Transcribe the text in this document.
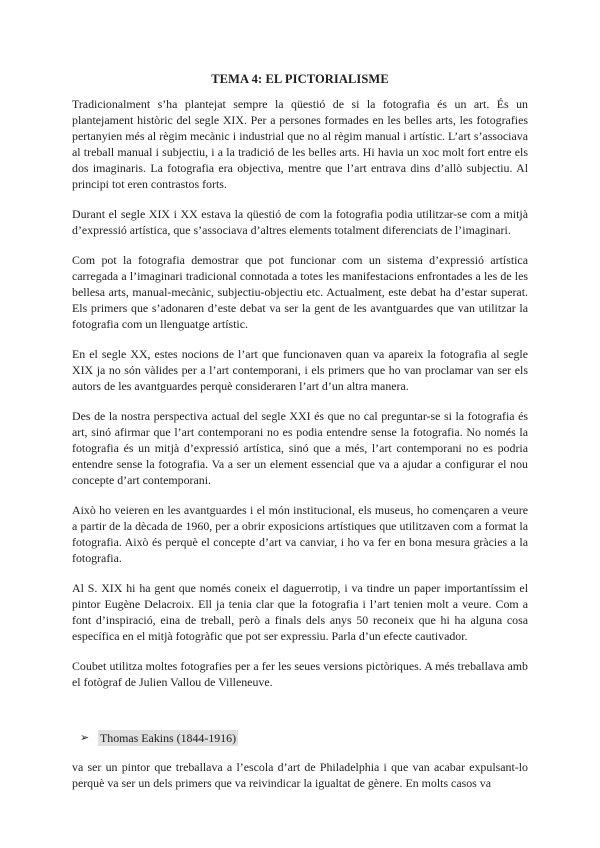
TEMA 4: EL PICTORIALISME

Tradicionalment s’ha plantejat sempre la qüestió de si la fotografia és un art. És un plantejament històric del segle XIX. Per a persones formades en les belles arts, les fotografies pertanyien més al règim mecànic i industrial que no al règim manual i artístic. L’art s’associava al treball manual i subjectiu, i a la tradició de les belles arts. Hi havia un xoc molt fort entre els dos imaginaris. La fotografia era objectiva, mentre que l’art entrava dins d’allò subjectiu. Al principi tot eren contrastos forts.

Durant el segle XIX i XX estava la qüestió de com la fotografia podia utilitzar-se com a mitjà d’expressió artística, que s’associava d’altres elements totalment diferenciats de l’imaginari.

Com pot la fotografia demostrar que pot funcionar com un sistema d’expressió artística carregada a l’imaginari tradicional connotada a totes les manifestacions enfrontades a les de les bellesa arts, manual-mecànic, subjectiu-objectiu etc. Actualment, este debat ha d’estar superat. Els primers que s’adonaren d’este debat va ser la gent de les avantguardes que van utilitzar la fotografia com un llenguatge artístic.

En el segle XX, estes nocions de l’art que funcionaven quan va apareix la fotografia al segle XIX ja no són vàlides per a l’art contemporani, i els primers que ho van proclamar van ser els autors de les avantguardes perquè consideraren l’art d’un altra manera.

Des de la nostra perspectiva actual del segle XXI és que no cal preguntar-se si la fotografia és art, sinó afirmar que l’art contemporani no es podia entendre sense la fotografia. No només la fotografia és un mitjà d’expressió artística, sinó que a més, l’art contemporani no es podria entendre sense la fotografia. Va a ser un element essencial que va a ajudar a configurar el nou concepte d’art contemporani.

Això ho veieren en les avantguardes i el món institucional, els museus, ho començaren a veure a partir de la dècada de 1960, per a obrir exposicions artístiques que utilitzaven com a format la fotografia. Això és perquè el concepte d’art va canviar, i ho va fer en bona mesura gràcies a la fotografia.

Al S. XIX hi ha gent que només coneix el daguerrotip, i va tindre un paper importantíssim el pintor Eugène Delacroix. Ell ja tenia clar que la fotografia i l’art tenien molt a veure. Com a font d’inspiració, eina de treball, però a finals dels anys 50 reconeix que hi ha alguna cosa específica en el mitjà fotogràfic que pot ser expressiu. Parla d’un efecte cautivador.

Coubet utilitza moltes fotografies per a fer les seues versions pictòriques. A més treballava amb el fotògraf de Julien Vallou de Villeneuve.

➢ Thomas Eakins (1844-1916)

va ser un pintor que treballava a l’escola d’art de Philadelphia i que van acabar expulsant-lo perquè va ser un dels primers que va reivindicar la igualtat de gènere. En molts casos va
